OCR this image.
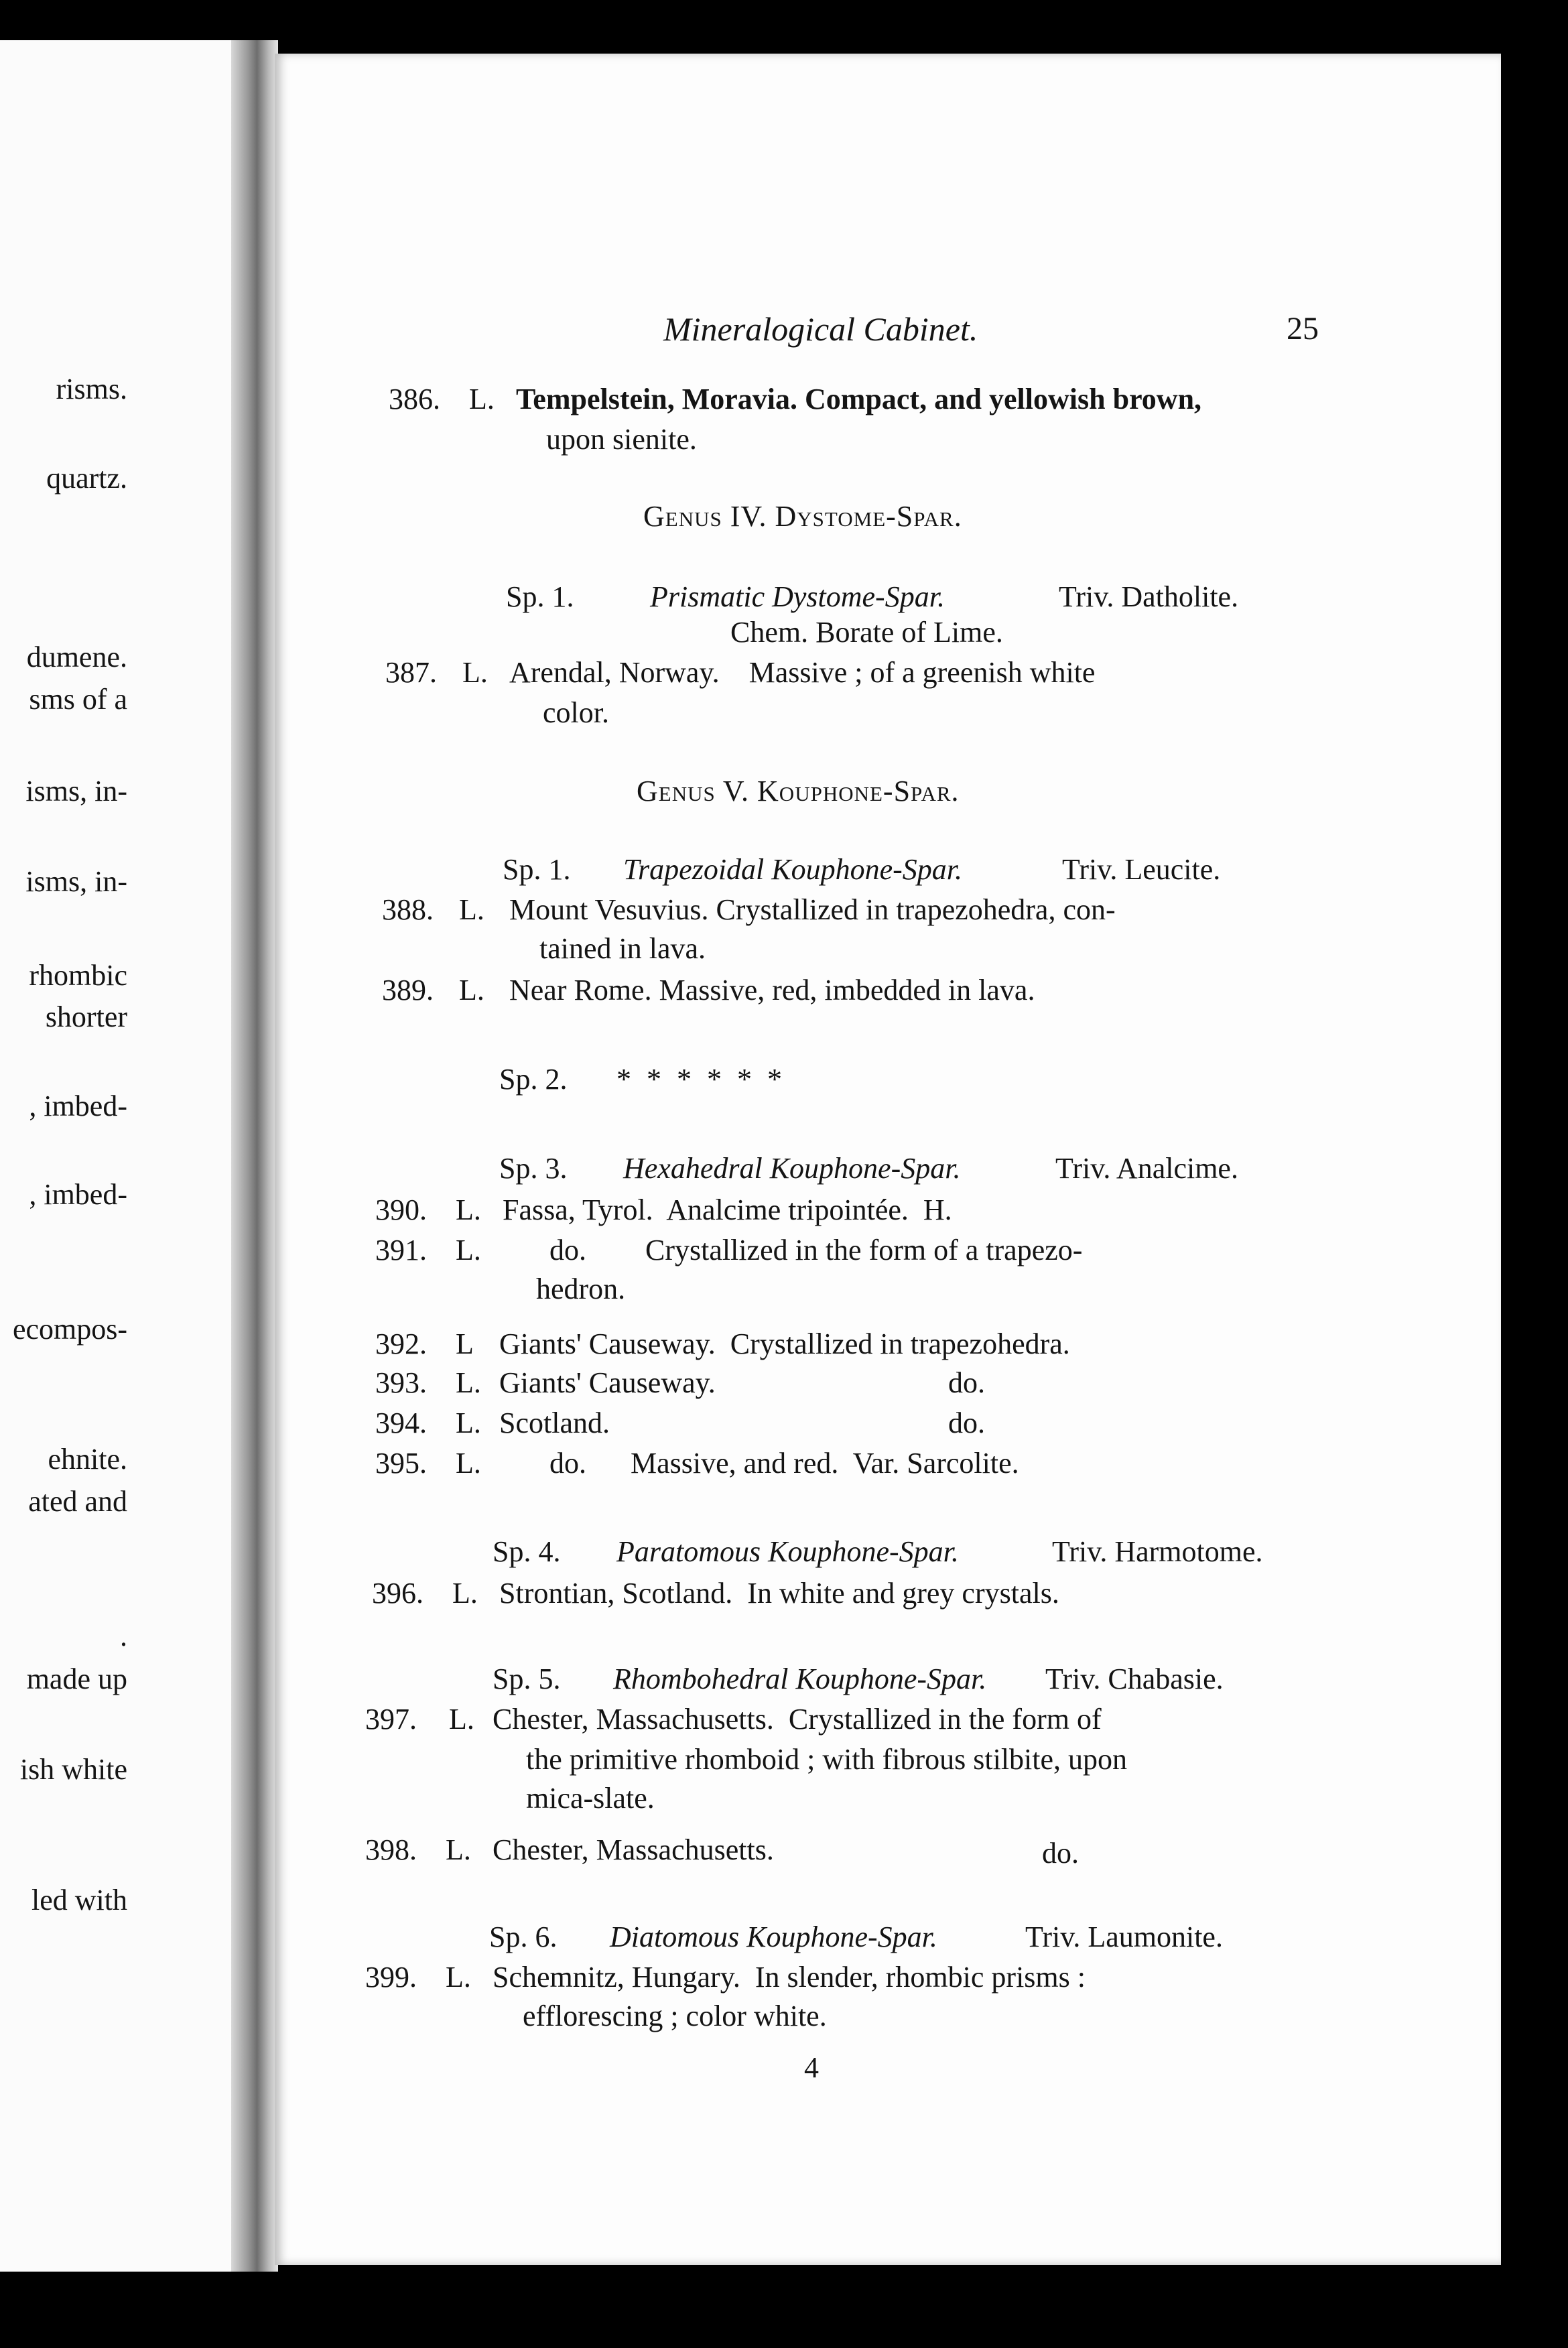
risms.
quartz.
dumene.
sms of a
isms, in-
isms, in-
rhombic
shorter
, imbed-
, imbed-
ecompos-
ehnite.
ated and
.
made up
ish white
led with
Mineralogical Cabinet.	25
386. L. Tempelstein, Moravia. Compact, and yellowish brown,
upon sienite.
Genus IV. Dystome-Spar.
Sp. 1.	Prismatic Dystome-Spar.	Triv. Datholite.
Chem. Borate of Lime.
387. L. Arendal, Norway.    Massive ; of a greenish white
color.
Genus V. Kouphone-Spar.
Sp. 1. Trapezoidal Kouphone-Spar.	Triv. Leucite.
388. L. Mount Vesuvius. Crystallized in trapezohedra, con-
tained in lava.
389. L. Near Rome. Massive, red, imbedded in lava.
Sp. 2. * * * * * *
Sp. 3. Hexahedral Kouphone-Spar.	Triv. Analcime.
390. L. Fassa, Tyrol.  Analcime tripointée.  H.
391. L. do.        Crystallized in the form of a trapezo-
hedron.
392. L Giants' Causeway.  Crystallized in trapezohedra.
393. L. Giants' Causeway.	do.
394. L. Scotland.	do.
395. L. do.      Massive, and red.  Var. Sarcolite.
Sp. 4. Paratomous Kouphone-Spar.	Triv. Harmotome.
396. L. Strontian, Scotland.  In white and grey crystals.
Sp. 5. Rhombohedral Kouphone-Spar. Triv. Chabasie.
397. L. Chester, Massachusetts.  Crystallized in the form of
the primitive rhomboid ; with fibrous stilbite, upon
mica-slate.
398. L. Chester, Massachusetts.	do.
Sp. 6. Diatomous Kouphone-Spar.	Triv. Laumonite.
399. L. Schemnitz, Hungary.  In slender, rhombic prisms :
efflorescing ; color white.
4
